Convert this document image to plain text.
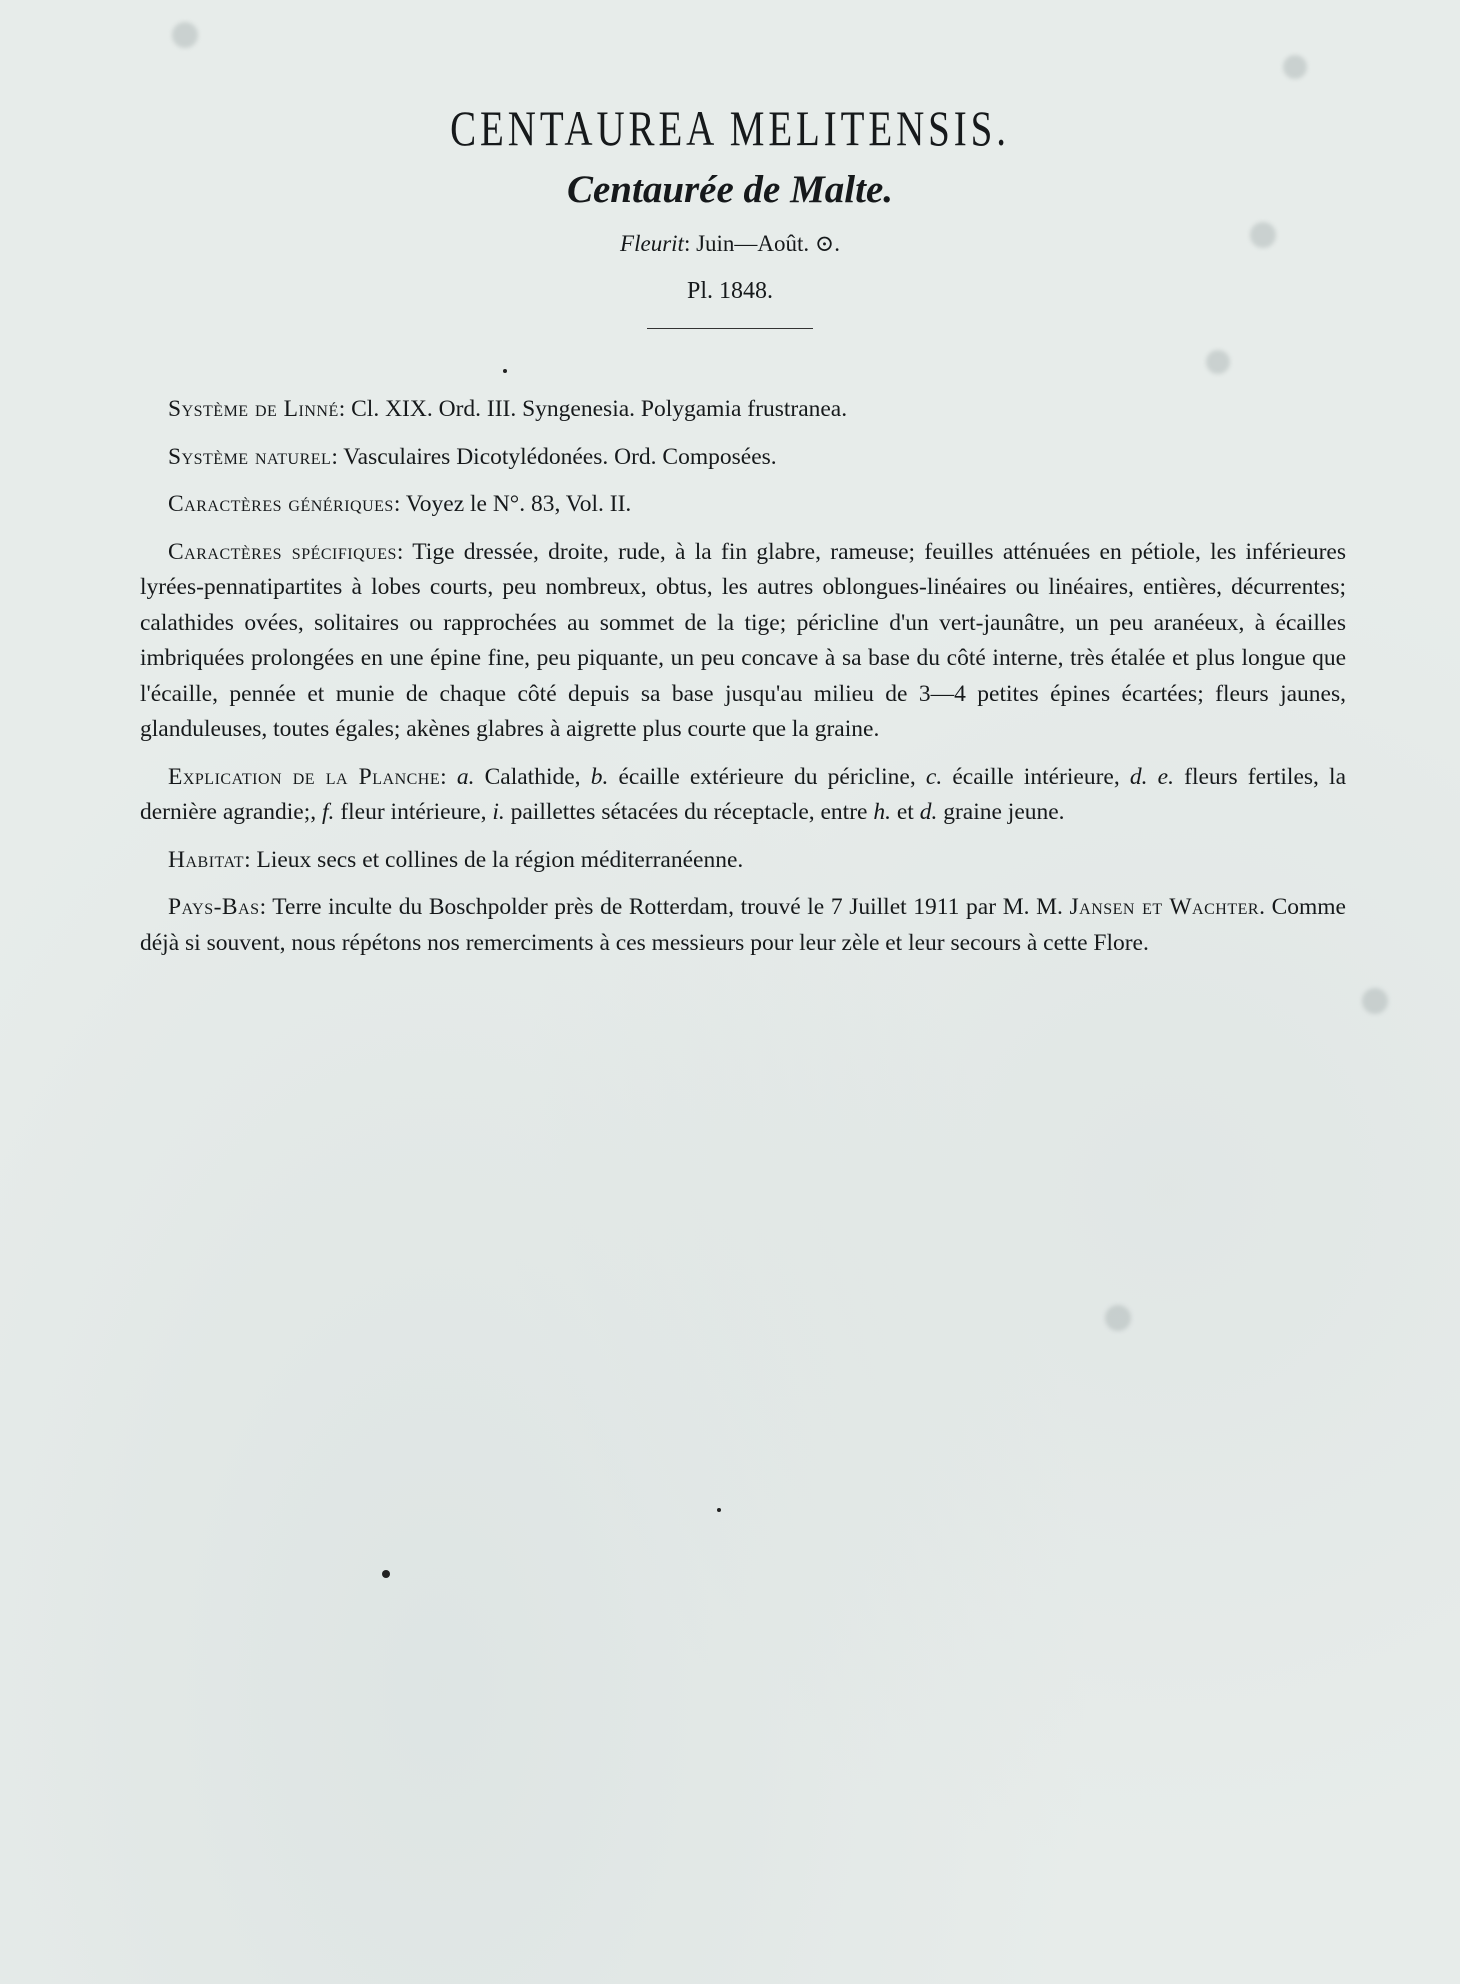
CENTAUREA MELITENSIS.
Centaurée de Malte.
Fleurit: Juin—Août. ⊙.
Pl. 1848.

Système de Linné: Cl. XIX. Ord. III. Syngenesia. Polygamia frustranea.

Système naturel: Vasculaires Dicotylédonées. Ord. Composées.

Caractères génériques: Voyez le N°. 83, Vol. II.

Caractères spécifiques: Tige dressée, droite, rude, à la fin glabre, rameuse; feuilles atténuées en pétiole, les inférieures lyrées-pennatipartites à lobes courts, peu nombreux, obtus, les autres oblongues-linéaires ou linéaires, entières, décurrentes; calathides ovées, solitaires ou rapprochées au sommet de la tige; péricline d'un vert-jaunâtre, un peu aranéeux, à écailles imbriquées prolongées en une épine fine, peu piquante, un peu concave à sa base du côté interne, très étalée et plus longue que l'écaille, pennée et munie de chaque côté depuis sa base jusqu'au milieu de 3—4 petites épines écartées; fleurs jaunes, glanduleuses, toutes égales; akènes glabres à aigrette plus courte que la graine.

Explication de la Planche: a. Calathide, b. écaille extérieure du péricline, c. écaille intérieure, d. e. fleurs fertiles, la dernière agrandie;, f. fleur intérieure, i. paillettes sétacées du réceptacle, entre h. et d. graine jeune.

Habitat: Lieux secs et collines de la région méditerranéenne.

Pays-Bas: Terre inculte du Boschpolder près de Rotterdam, trouvé le 7 Juillet 1911 par M. M. Jansen et Wachter. Comme déjà si souvent, nous répétons nos remerciments à ces messieurs pour leur zèle et leur secours à cette Flore.
